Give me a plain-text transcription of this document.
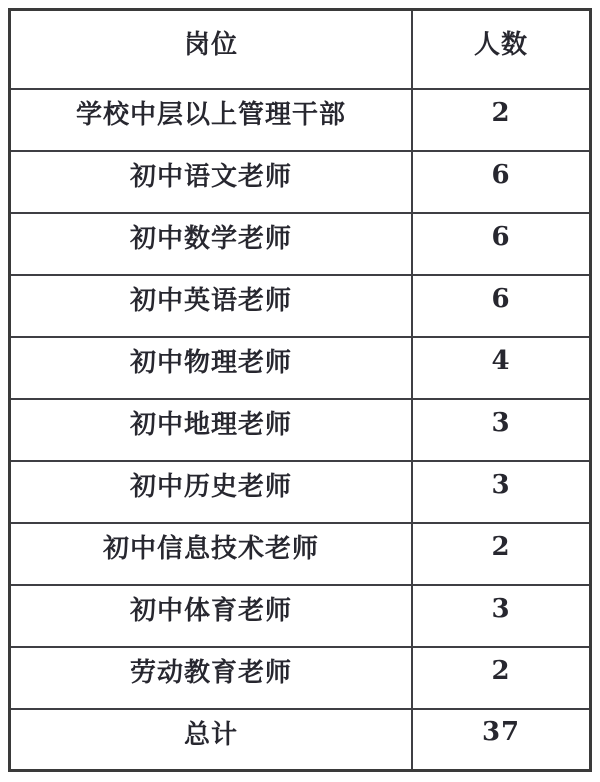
岗位	人数
学校中层以上管理干部	2
初中语文老师	6
初中数学老师	6
初中英语老师	6
初中物理老师	4
初中地理老师	3
初中历史老师	3
初中信息技术老师	2
初中体育老师	3
劳动教育老师	2
总计	37
